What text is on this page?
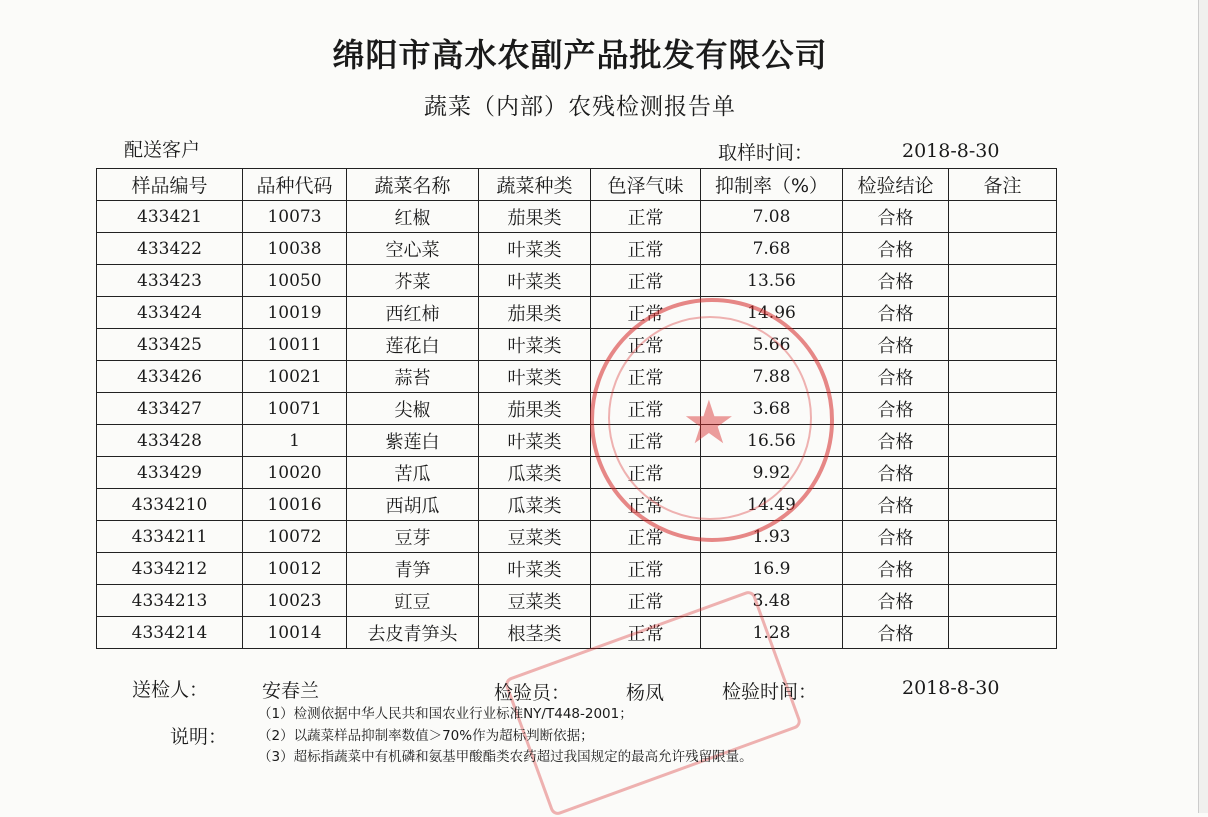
绵阳市高水农副产品批发有限公司
蔬菜（内部）农残检测报告单
配送客户	取样时间：	2018-8-30
样品编号	品种代码	蔬菜名称	蔬菜种类	色泽气味	抑制率（%）	检验结论	备注
433421	10073	红椒	茄果类	正常	7.08	合格	
433422	10038	空心菜	叶菜类	正常	7.68	合格	
433423	10050	芥菜	叶菜类	正常	13.56	合格	
433424	10019	西红柿	茄果类	正常	14.96	合格	
433425	10011	莲花白	叶菜类	正常	5.66	合格	
433426	10021	蒜苔	叶菜类	正常	7.88	合格	
433427	10071	尖椒	茄果类	正常	3.68	合格	
433428	1	紫莲白	叶菜类	正常	16.56	合格	
433429	10020	苦瓜	瓜菜类	正常	9.92	合格	
4334210	10016	西胡瓜	瓜菜类	正常	14.49	合格	
4334211	10072	豆芽	豆菜类	正常	1.93	合格	
4334212	10012	青笋	叶菜类	正常	16.9	合格	
4334213	10023	豇豆	豆菜类	正常	3.48	合格	
4334214	10014	去皮青笋头	根茎类	正常	1.28	合格	
★
送检人：	安春兰	检验员：	杨凤	检验时间：	2018-8-30
说明：
（1）检测依据中华人民共和国农业行业标准NY/T448-2001；
（2）以蔬菜样品抑制率数值＞70%作为超标判断依据；
（3）超标指蔬菜中有机磷和氨基甲酸酯类农药超过我国规定的最高允许残留限量。
